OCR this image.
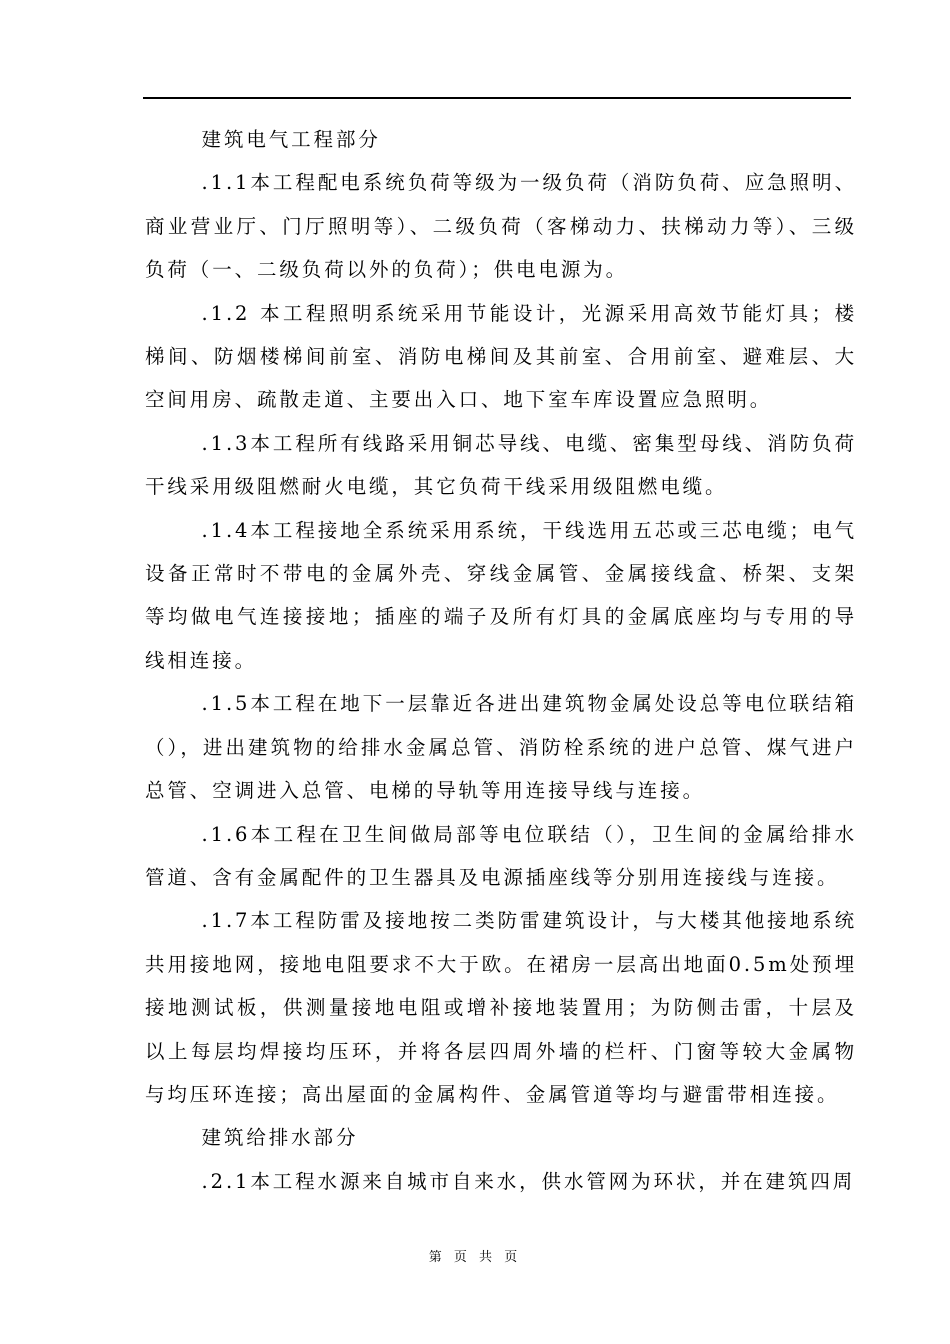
建筑电气工程部分

.1.1本工程配电系统负荷等级为一级负荷（消防负荷、应急照明、商业营业厅、门厅照明等）、二级负荷（客梯动力、扶梯动力等）、三级负荷（一、二级负荷以外的负荷）；供电电源为。

.1.2 本工程照明系统采用节能设计，光源采用高效节能灯具；楼梯间、防烟楼梯间前室、消防电梯间及其前室、合用前室、避难层、大空间用房、疏散走道、主要出入口、地下室车库设置应急照明。

.1.3本工程所有线路采用铜芯导线、电缆、密集型母线、消防负荷干线采用级阻燃耐火电缆，其它负荷干线采用级阻燃电缆。

.1.4本工程接地全系统采用系统，干线选用五芯或三芯电缆；电气设备正常时不带电的金属外壳、穿线金属管、金属接线盒、桥架、支架等均做电气连接接地；插座的端子及所有灯具的金属底座均与专用的导线相连接。

.1.5本工程在地下一层靠近各进出建筑物金属处设总等电位联结箱（），进出建筑物的给排水金属总管、消防栓系统的进户总管、煤气进户总管、空调进入总管、电梯的导轨等用连接导线与连接。

.1.6本工程在卫生间做局部等电位联结（），卫生间的金属给排水管道、含有金属配件的卫生器具及电源插座线等分别用连接线与连接。

.1.7本工程防雷及接地按二类防雷建筑设计，与大楼其他接地系统共用接地网，接地电阻要求不大于欧。在裙房一层高出地面0.5m处预埋接地测试板，供测量接地电阻或增补接地装置用；为防侧击雷，十层及以上每层均焊接均压环，并将各层四周外墙的栏杆、门窗等较大金属物与均压环连接；高出屋面的金属构件、金属管道等均与避雷带相连接。

建筑给排水部分

.2.1本工程水源来自城市自来水，供水管网为环状，并在建筑四周

第 页 共 页
